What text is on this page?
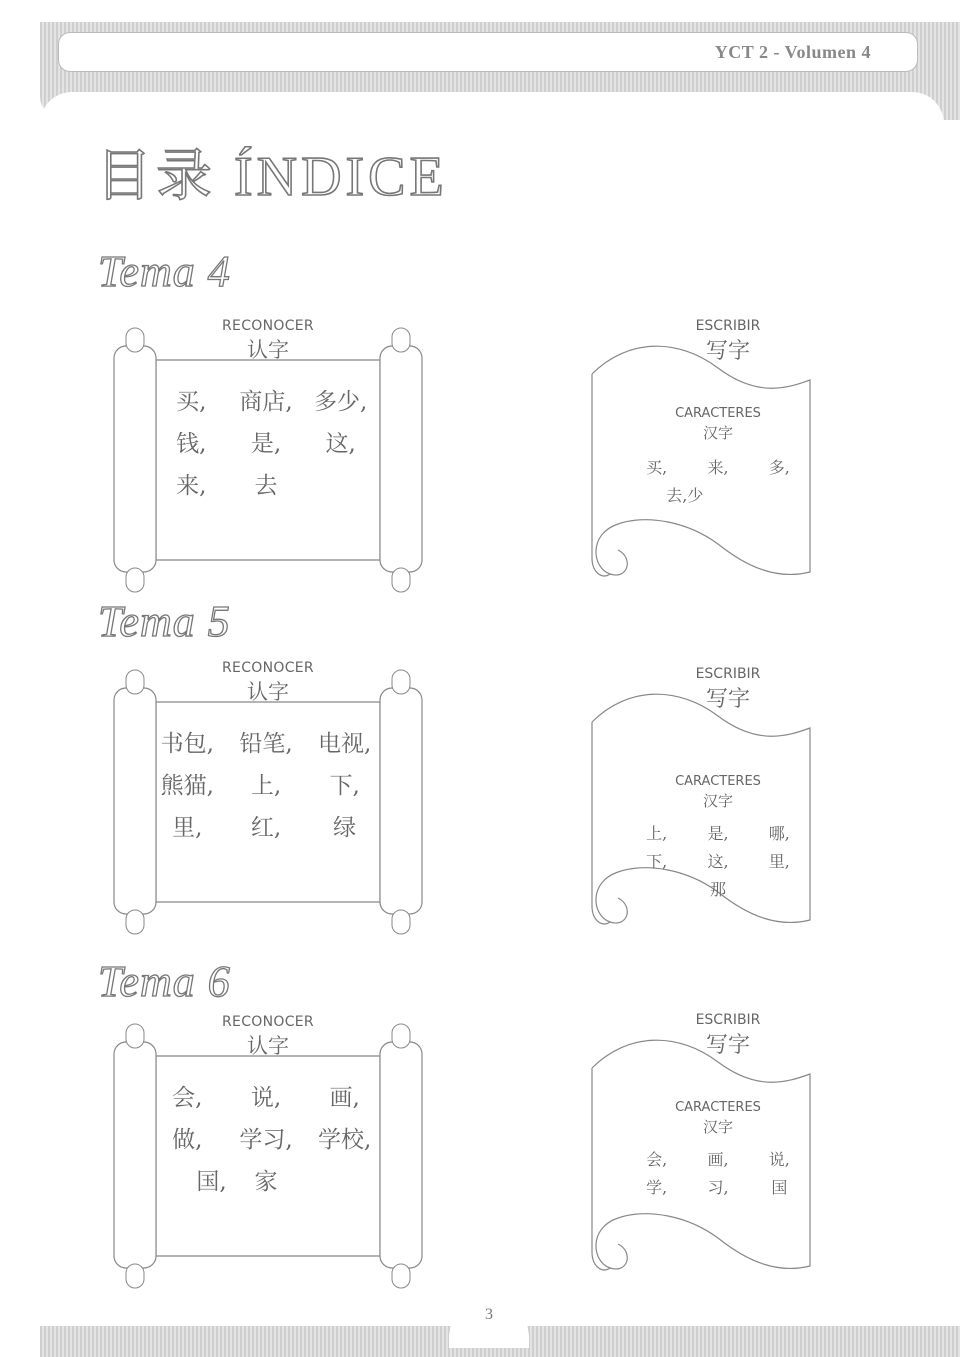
YCT 2 - Volumen 4
目录 ÍNDICE
Tema 4
RECONOCER
认字
买,	商店, 多少,
钱,	是,	这,
来,	去
ESCRIBIR
写字
CARACTERES
汉字
买,	来,	多,
去, 少
Tema 5
RECONOCER
认字
书包,	铅笔,	电视,
熊猫,	上,	下,
里,	红,	绿
ESCRIBIR
写字
CARACTERES
汉字
上,	是,	哪,
下,	这,	里,
那
Tema 6
RECONOCER
认字
会,	说,	画,
做,	学习,	学校,
国,	家
ESCRIBIR
写字
CARACTERES
汉字
会,	画,	说,
学,	习,	国
3
